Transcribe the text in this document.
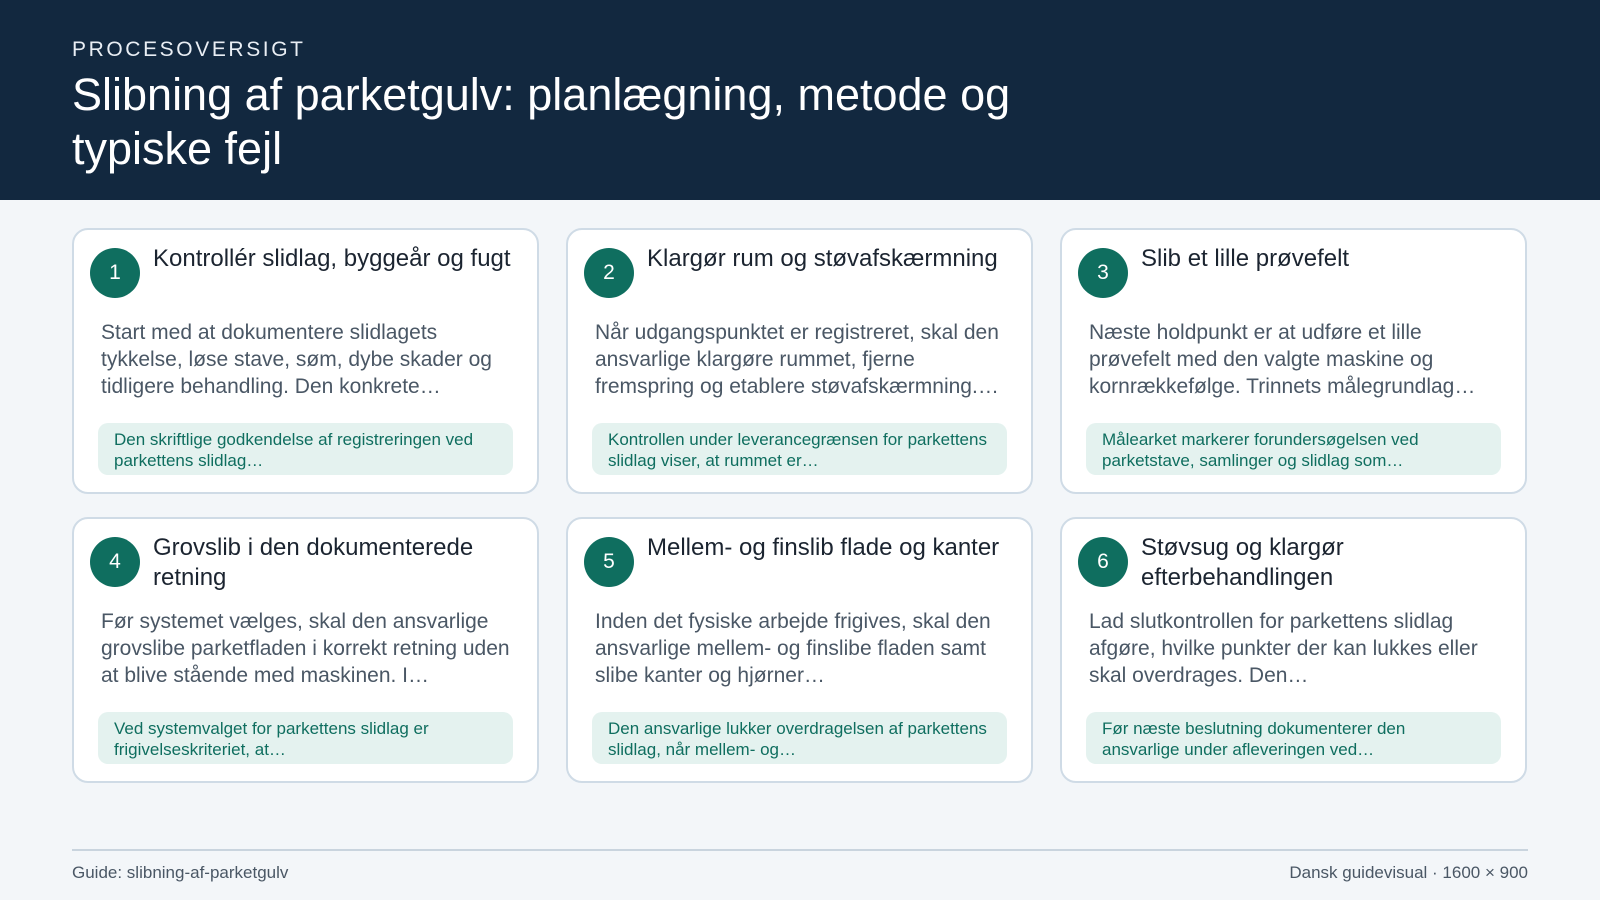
PROCESOVERSIGT
Slibning af parketgulv: planlægning, metode og typiske fejl
1
Kontrollér slidlag, byggeår og fugt
Start med at dokumentere slidlagets tykkelse, løse stave, søm, dybe skader og tidligere behandling. Den konkrete…
Den skriftlige godkendelse af registreringen ved parkettens slidlag…
2
Klargør rum og støvafskærmning
Når udgangspunktet er registreret, skal den ansvarlige klargøre rummet, fjerne fremspring og etablere støvafskærmning.…
Kontrollen under leverancegrænsen for parkettens slidlag viser, at rummet er…
3
Slib et lille prøvefelt
Næste holdpunkt er at udføre et lille prøvefelt med den valgte maskine og kornrækkefølge. Trinnets målegrundlag…
Målearket markerer forundersøgelsen ved parketstave, samlinger og slidlag som…
4
Grovslib i den dokumenterede retning
Før systemet vælges, skal den ansvarlige grovslibe parketfladen i korrekt retning uden at blive stående med maskinen. I…
Ved systemvalget for parkettens slidlag er frigivelseskriteriet, at…
5
Mellem- og finslib flade og kanter
Inden det fysiske arbejde frigives, skal den ansvarlige mellem- og finslibe fladen samt slibe kanter og hjørner…
Den ansvarlige lukker overdragelsen af parkettens slidlag, når mellem- og…
6
Støvsug og klargør efterbehandlingen
Lad slutkontrollen for parkettens slidlag afgøre, hvilke punkter der kan lukkes eller skal overdrages. Den…
Før næste beslutning dokumenterer den ansvarlige under afleveringen ved…
Guide: slibning-af-parketgulv	Dansk guidevisual · 1600 × 900
